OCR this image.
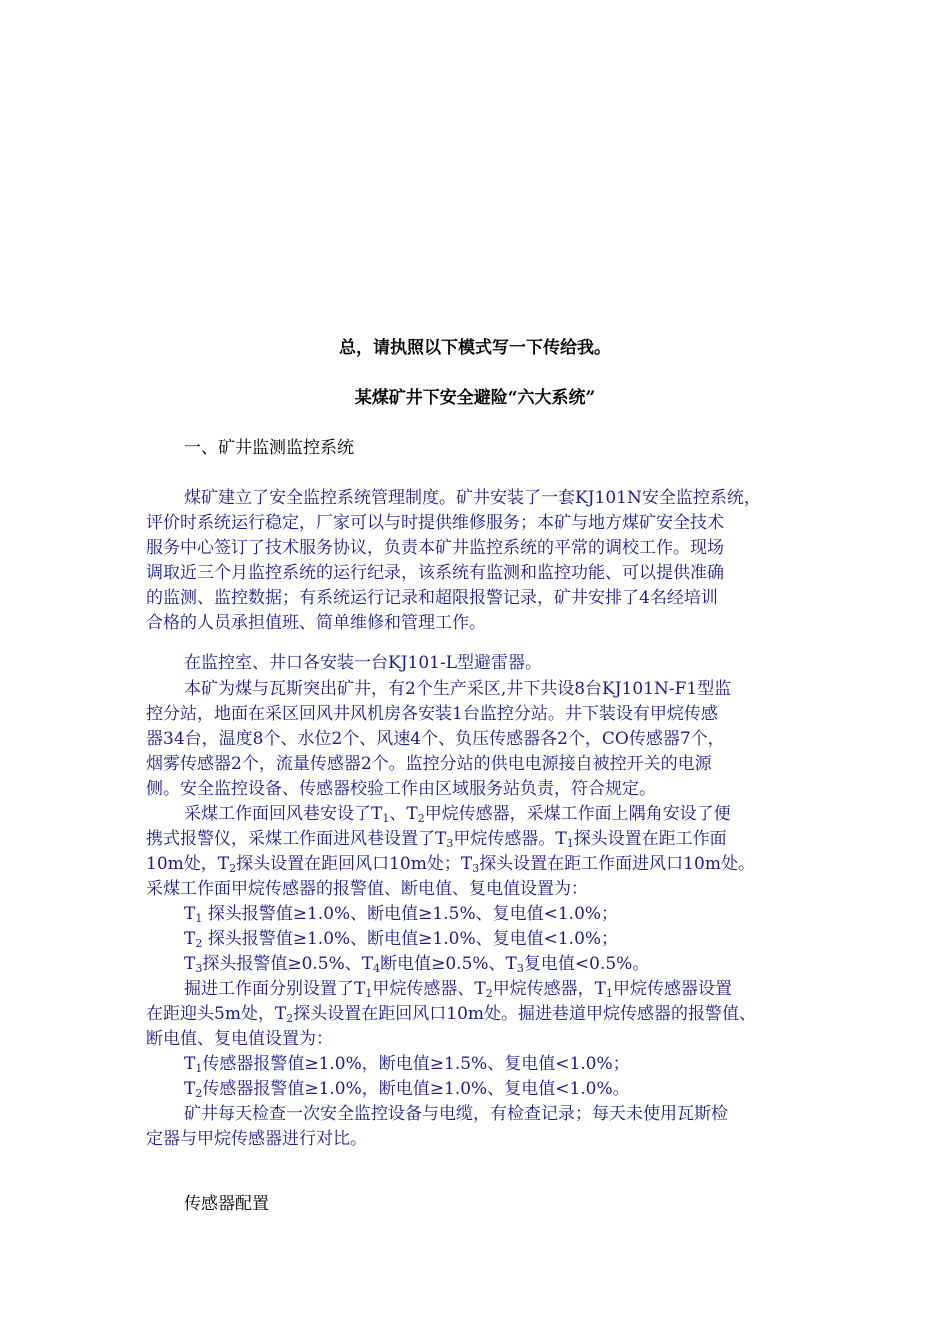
总，请执照以下模式写一下传给我。
某煤矿井下安全避险“六大系统”
一、矿井监测监控系统
煤矿建立了安全监控系统管理制度。矿井安装了一套KJ101N安全监控系统，
评价时系统运行稳定，厂家可以与时提供维修服务；本矿与地方煤矿安全技术
服务中心签订了技术服务协议，负责本矿井监控系统的平常的调校工作。现场
调取近三个月监控系统的运行纪录，该系统有监测和监控功能、可以提供准确
的监测、监控数据；有系统运行记录和超限报警记录，矿井安排了4名经培训
合格的人员承担值班、简单维修和管理工作。
在监控室、井口各安装一台KJ101-L型避雷器。
本矿为煤与瓦斯突出矿井，有2个生产采区,井下共设8台KJ101N-F1型监
控分站，地面在采区回风井风机房各安装1台监控分站。井下装设有甲烷传感
器34台，温度8个、水位2个、风速4个、负压传感器各2个，CO传感器7个，
烟雾传感器2个，流量传感器2个。监控分站的供电电源接自被控开关的电源
侧。安全监控设备、传感器校验工作由区域服务站负责，符合规定。
采煤工作面回风巷安设了$T_1$、$T_2$甲烷传感器，采煤工作面上隅角安设了便
携式报警仪，采煤工作面进风巷设置了$T_3$甲烷传感器。$T_1$探头设置在距工作面
10m处，$T_2$探头设置在距回风口10m处；$T_3$探头设置在距工作面进风口10m处。
采煤工作面甲烷传感器的报警值、断电值、复电值设置为：
$T_1$ 探头报警值≥1.0%、断电值≥1.5%、复电值<1.0%；
$T_2$ 探头报警值≥1.0%、断电值≥1.0%、复电值<1.0%；
$T_3$探头报警值≥0.5%、$T_4$断电值≥0.5%、$T_3$复电值<0.5%。
掘进工作面分别设置了$T_1$甲烷传感器、$T_2$甲烷传感器，$T_1$甲烷传感器设置
在距迎头5m处，$T_2$探头设置在距回风口10m处。掘进巷道甲烷传感器的报警值、
断电值、复电值设置为：
$T_1$传感器报警值≥1.0%，断电值≥1.5%、复电值<1.0%；
$T_2$传感器报警值≥1.0%，断电值≥1.0%、复电值<1.0%。
矿井每天检查一次安全监控设备与电缆，有检查记录；每天未使用瓦斯检
定器与甲烷传感器进行对比。
传感器配置
